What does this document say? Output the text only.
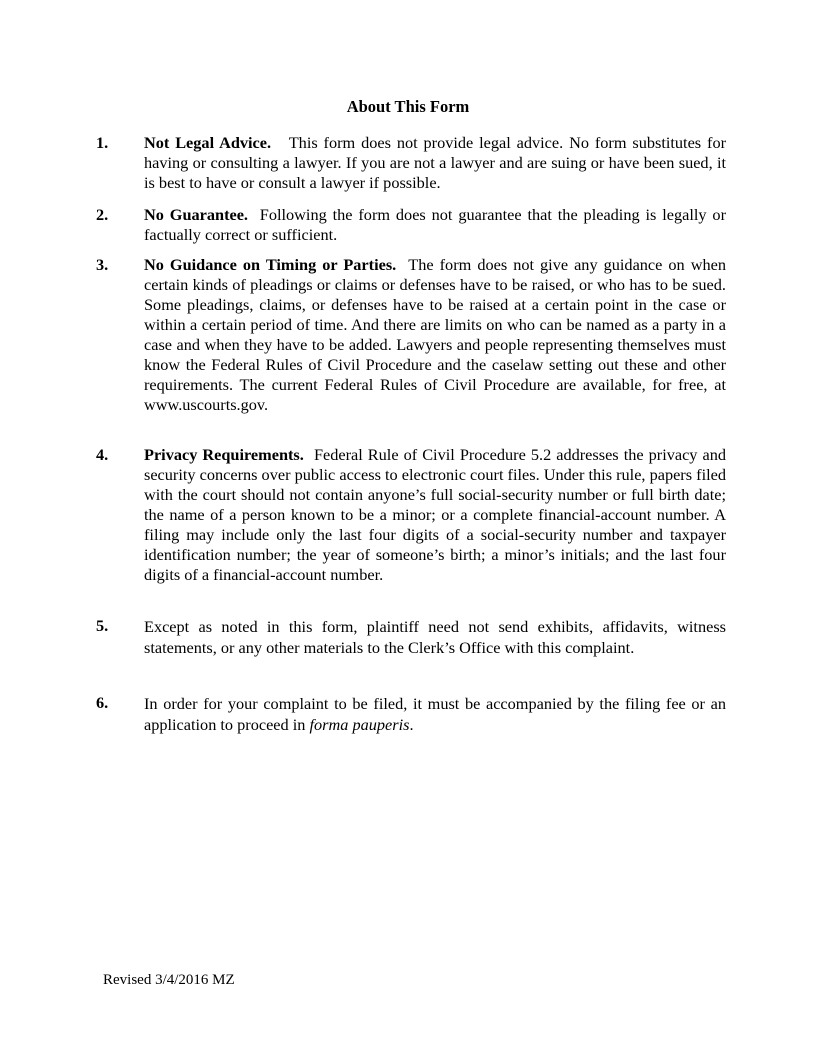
About This Form
1.	Not Legal Advice. This form does not provide legal advice. No form substitutes for having or consulting a lawyer. If you are not a lawyer and are suing or have been sued, it is best to have or consult a lawyer if possible.
2.	No Guarantee. Following the form does not guarantee that the pleading is legally or factually correct or sufficient.
3.	No Guidance on Timing or Parties. The form does not give any guidance on when certain kinds of pleadings or claims or defenses have to be raised, or who has to be sued. Some pleadings, claims, or defenses have to be raised at a certain point in the case or within a certain period of time. And there are limits on who can be named as a party in a case and when they have to be added. Lawyers and people representing themselves must know the Federal Rules of Civil Procedure and the caselaw setting out these and other requirements. The current Federal Rules of Civil Procedure are available, for free, at www.uscourts.gov.
4.	Privacy Requirements. Federal Rule of Civil Procedure 5.2 addresses the privacy and security concerns over public access to electronic court files. Under this rule, papers filed with the court should not contain anyone’s full social-security number or full birth date; the name of a person known to be a minor; or a complete financial-account number. A filing may include only the last four digits of a social-security number and taxpayer identification number; the year of someone’s birth; a minor’s initials; and the last four digits of a financial-account number.
5.	Except as noted in this form, plaintiff need not send exhibits, affidavits, witness statements, or any other materials to the Clerk’s Office with this complaint.
6.	In order for your complaint to be filed, it must be accompanied by the filing fee or an application to proceed in forma pauperis.
Revised 3/4/2016 MZ
